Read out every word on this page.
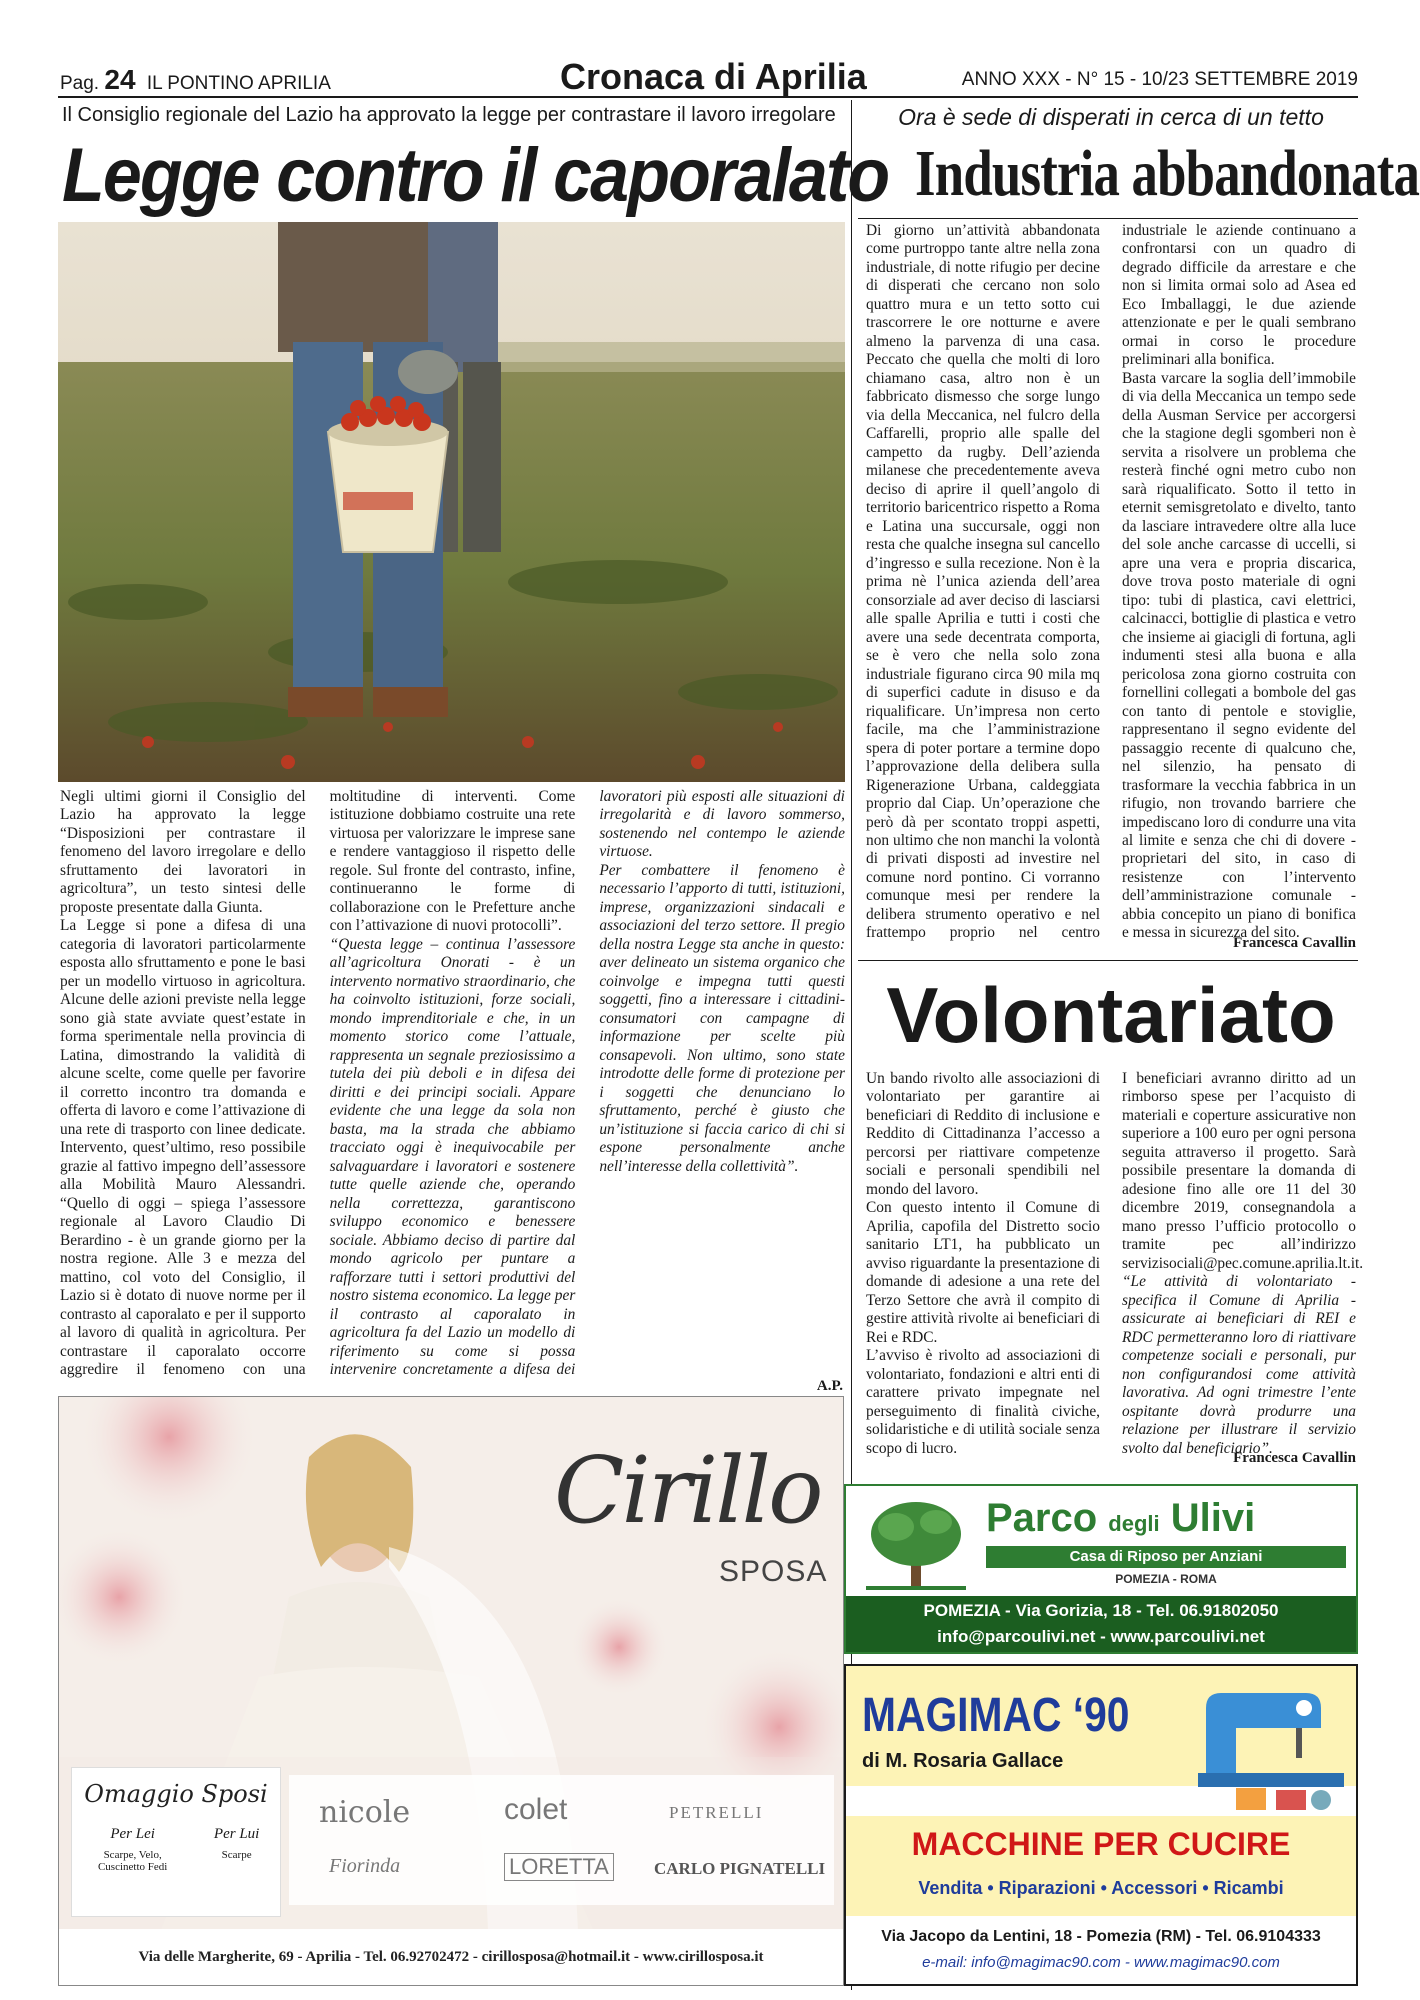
Pag. 24 IL PONTINO APRILIA	Cronaca di Aprilia	ANNO XXX - N° 15 - 10/23 SETTEMBRE 2019
Il Consiglio regionale del Lazio ha approvato la legge per contrastare il lavoro irregolare
Legge contro il caporalato

Negli ultimi giorni il Consiglio del Lazio ha approvato la legge “Disposizioni per contrastare il fenomeno del lavoro irregolare e dello sfruttamento dei lavoratori in agricoltura”, un testo sintesi delle proposte presentate dalla Giunta.

La Legge si pone a difesa di una categoria di lavoratori particolarmente esposta allo sfruttamento e pone le basi per un modello virtuoso in agricoltura. Alcune delle azioni previste nella legge sono già state avviate quest’estate in forma sperimentale nella provincia di Latina, dimostrando la validità di alcune scelte, come quelle per favorire il corretto incontro tra domanda e offerta di lavoro e come l’attivazione di una rete di trasporto con linee dedicate. Intervento, quest’ultimo, reso possibile grazie al fattivo impegno dell’assessore alla Mobilità Mauro Alessandri. “Quello di oggi – spiega l’assessore regionale al Lavoro Claudio Di Berardino - è un grande giorno per la nostra regione. Alle 3 e mezza del mattino, col voto del Consiglio, il Lazio si è dotato di nuove norme per il contrasto al caporalato e per il supporto al lavoro di qualità in agricoltura. Per contrastare il caporalato occorre aggredire il fenomeno con una moltitudine di interventi. Come istituzione dobbiamo costruite una rete virtuosa per valorizzare le imprese sane e rendere vantaggioso il rispetto delle regole. Sul fronte del contrasto, infine, continueranno le forme di collaborazione con le Prefetture anche con l’attivazione di nuovi protocolli”.

“Questa legge – continua l’assessore all’agricoltura Onorati - è un intervento normativo straordinario, che ha coinvolto istituzioni, forze sociali, mondo imprenditoriale e che, in un momento storico come l’attuale, rappresenta un segnale preziosissimo a tutela dei più deboli e in difesa dei diritti e dei principi sociali. Appare evidente che una legge da sola non basta, ma la strada che abbiamo tracciato oggi è inequivocabile per salvaguardare i lavoratori e sostenere tutte quelle aziende che, operando nella correttezza, garantiscono sviluppo economico e benessere sociale. Abbiamo deciso di partire dal mondo agricolo per puntare a rafforzare tutti i settori produttivi del nostro sistema economico. La legge per il contrasto al caporalato in agricoltura fa del Lazio un modello di riferimento su come si possa intervenire concretamente a difesa dei lavoratori più esposti alle situazioni di irregolarità e di lavoro sommerso, sostenendo nel contempo le aziende virtuose.

Per combattere il fenomeno è necessario l’apporto di tutti, istituzioni, imprese, organizzazioni sindacali e associazioni del terzo settore. Il pregio della nostra Legge sta anche in questo: aver delineato un sistema organico che coinvolge e impegna tutti questi soggetti, fino a interessare i cittadini-consumatori con campagne di informazione per scelte più consapevoli. Non ultimo, sono state introdotte delle forme di protezione per i soggetti che denunciano lo sfruttamento, perché è giusto che un’istituzione si faccia carico di chi si espone personalmente anche nell’interesse della collettività”.

A.P.
Ora è sede di disperati in cerca di un tetto
Industria abbandonata

Di giorno un’attività abbandonata come purtroppo tante altre nella zona industriale, di notte rifugio per decine di disperati che cercano non solo quattro mura e un tetto sotto cui trascorrere le ore notturne e avere almeno la parvenza di una casa. Peccato che quella che molti di loro chiamano casa, altro non è un fabbricato dismesso che sorge lungo via della Meccanica, nel fulcro della Caffarelli, proprio alle spalle del campetto da rugby. Dell’azienda milanese che precedentemente aveva deciso di aprire il quell’angolo di territorio baricentrico rispetto a Roma e Latina una succursale, oggi non resta che qualche insegna sul cancello d’ingresso e sulla recezione. Non è la prima nè l’unica azienda dell’area consorziale ad aver deciso di lasciarsi alle spalle Aprilia e tutti i costi che avere una sede decentrata comporta, se è vero che nella solo zona industriale figurano circa 90 mila mq di superfici cadute in disuso e da riqualificare. Un’impresa non certo facile, ma che l’amministrazione spera di poter portare a termine dopo l’approvazione della delibera sulla Rigenerazione Urbana, caldeggiata proprio dal Ciap. Un’operazione che però dà per scontato troppi aspetti, non ultimo che non manchi la volontà di privati disposti ad investire nel comune nord pontino. Ci vorranno comunque mesi per rendere la delibera strumento operativo e nel frattempo proprio nel centro industriale le aziende continuano a confrontarsi con un quadro di degrado difficile da arrestare e che non si limita ormai solo ad Asea ed Eco Imballaggi, le due aziende attenzionate e per le quali sembrano ormai in corso le procedure preliminari alla bonifica.

Basta varcare la soglia dell’immobile di via della Meccanica un tempo sede della Ausman Service per accorgersi che la stagione degli sgomberi non è servita a risolvere un problema che resterà finché ogni metro cubo non sarà riqualificato. Sotto il tetto in eternit semisgretolato e divelto, tanto da lasciare intravedere oltre alla luce del sole anche carcasse di uccelli, si apre una vera e propria discarica, dove trova posto materiale di ogni tipo: tubi di plastica, cavi elettrici, calcinacci, bottiglie di plastica e vetro che insieme ai giacigli di fortuna, agli indumenti stesi alla buona e alla pericolosa zona giorno costruita con fornellini collegati a bombole del gas con tanto di pentole e stoviglie, rappresentano il segno evidente del passaggio recente di qualcuno che, nel silenzio, ha pensato di trasformare la vecchia fabbrica in un rifugio, non trovando barriere che impediscano loro di condurre una vita al limite e senza che chi di dovere - proprietari del sito, in caso di resistenze con l’intervento dell’amministrazione comunale - abbia concepito un piano di bonifica e messa in sicurezza del sito.

Francesca Cavallin
Volontariato

Un bando rivolto alle associazioni di volontariato per garantire ai beneficiari di Reddito di inclusione e Reddito di Cittadinanza l’accesso a percorsi per riattivare competenze sociali e personali spendibili nel mondo del lavoro.

Con questo intento il Comune di Aprilia, capofila del Distretto socio sanitario LT1, ha pubblicato un avviso riguardante la presentazione di domande di adesione a una rete del Terzo Settore che avrà il compito di gestire attività rivolte ai beneficiari di Rei e RDC.

L’avviso è rivolto ad associazioni di volontariato, fondazioni e altri enti di carattere privato impegnate nel perseguimento di finalità civiche, solidaristiche e di utilità sociale senza scopo di lucro.

I beneficiari avranno diritto ad un rimborso spese per l’acquisto di materiali e coperture assicurative non superiore a 100 euro per ogni persona seguita attraverso il progetto. Sarà possibile presentare la domanda di adesione fino alle ore 11 del 30 dicembre 2019, consegnandola a mano presso l’ufficio protocollo o tramite pec all’indirizzo servizisociali@pec.comune.aprilia.lt.it.

“Le attività di volontariato - specifica il Comune di Aprilia - assicurate ai beneficiari di REI e RDC permetteranno loro di riattivare competenze sociali e personali, pur non configurandosi come attività lavorativa. Ad ogni trimestre l’ente ospitante dovrà produrre una relazione per illustrare il servizio svolto dal beneficiario”.

Francesca Cavallin
Cirillo
SPOSA
Omaggio Sposi
Per Lei
Scarpe, Velo, Cuscinetto Fedi
Per Lui
Scarpe
nicole	colet	PETRELLI
Fiorinda	LORETTA	CARLO PIGNATELLI
Via delle Margherite, 69 - Aprilia - Tel. 06.92702472 - cirillosposa@hotmail.it - www.cirillosposa.it
Parco degli Ulivi
Casa di Riposo per Anziani
POMEZIA - ROMA
POMEZIA - Via Gorizia, 18 - Tel. 06.91802050
info@parcoulivi.net - www.parcoulivi.net
MAGIMAC ‘90
di M. Rosaria Gallace
MACCHINE PER CUCIRE
Vendita • Riparazioni • Accessori • Ricambi
Via Jacopo da Lentini, 18 - Pomezia (RM) - Tel. 06.9104333
e-mail: info@magimac90.com - www.magimac90.com
